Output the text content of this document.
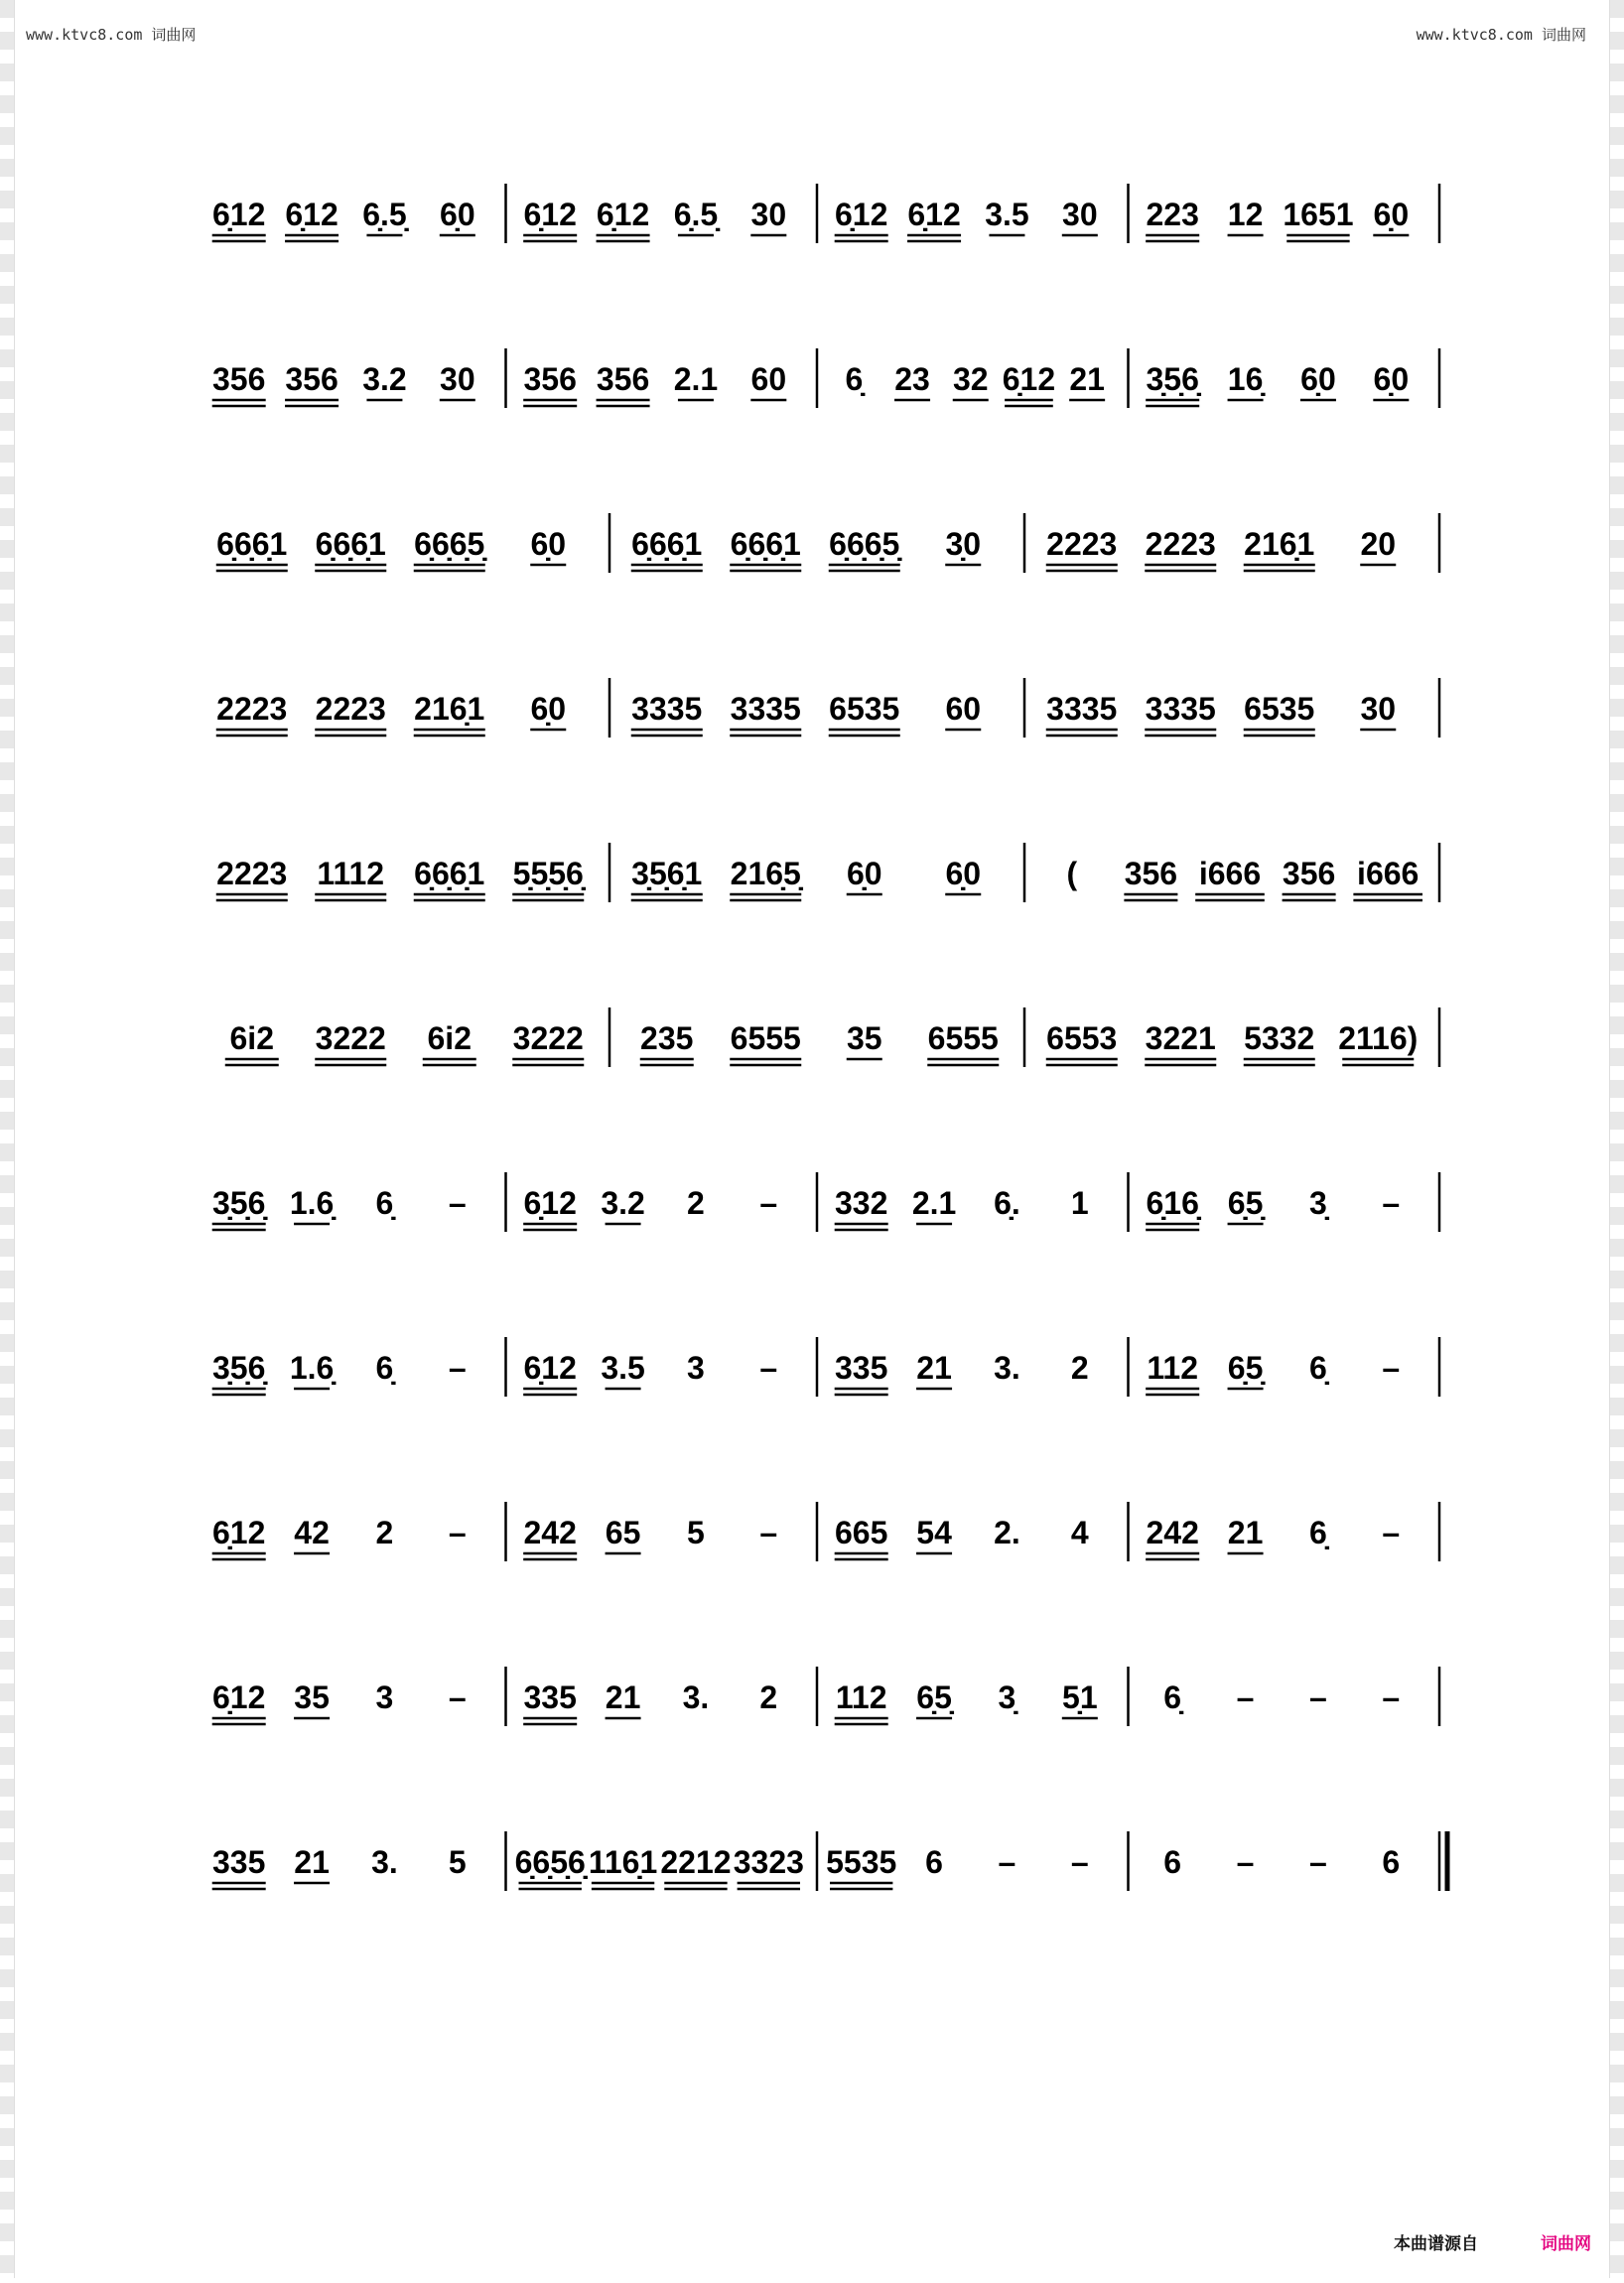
www.ktvc8.com 词曲网	www.ktvc8.com 词曲网
6̣12 6̣12 6̣.5̣ 6̣0 6̣12 6̣12 6̣.5̣ 30 6̣12 6̣12 3.5 30 223 12 1651 6̣0
356 356 3.2 30 356 356 2.1 60 6̣ 23 32 6̣12 21 3̣5̣6̣ 16̣ 6̣0 6̣0
6̣6̣6̣1 6̣6̣6̣1 6̣6̣6̣5̣ 6̣0 6̣6̣6̣1 6̣6̣6̣1 6̣6̣6̣5̣ 3̣0 2223 2223 216̣1 20
2223 2223 216̣1 6̣0 3335 3335 6535 60 3335 3335 6535 30
2223 1112 6̣6̣6̣1 5̣5̣5̣6̣ 3̣5̣6̣1 216̣5̣ 6̣0 6̣0	( 356 i666 356 i666
6i2 3222 6i2 3222 235 6555 35 6555 6553 3221 5332 2116)
3̣5̣6̣ 1.6̣ 6̣ – 6̣12 3.2 2 – 332 2.1 6̣. 1 6̣16̣ 6̣5̣ 3̣ –
3̣5̣6̣ 1.6̣ 6̣ – 6̣12 3.5 3 – 335 21 3. 2 112 6̣5̣ 6̣ –
6̣12 42 2 – 242 65 5 – 665 54 2. 4 242 21 6̣ –
6̣12 35 3 – 335 21 3. 2 112 6̣5̣ 3̣ 5̣1 6̣ – – –
335 21 3. 5 6̣6̣5̣6̣ 116̣1 2212 3323 5535 6 – – 6 – – 6
本曲谱源自	词曲网
